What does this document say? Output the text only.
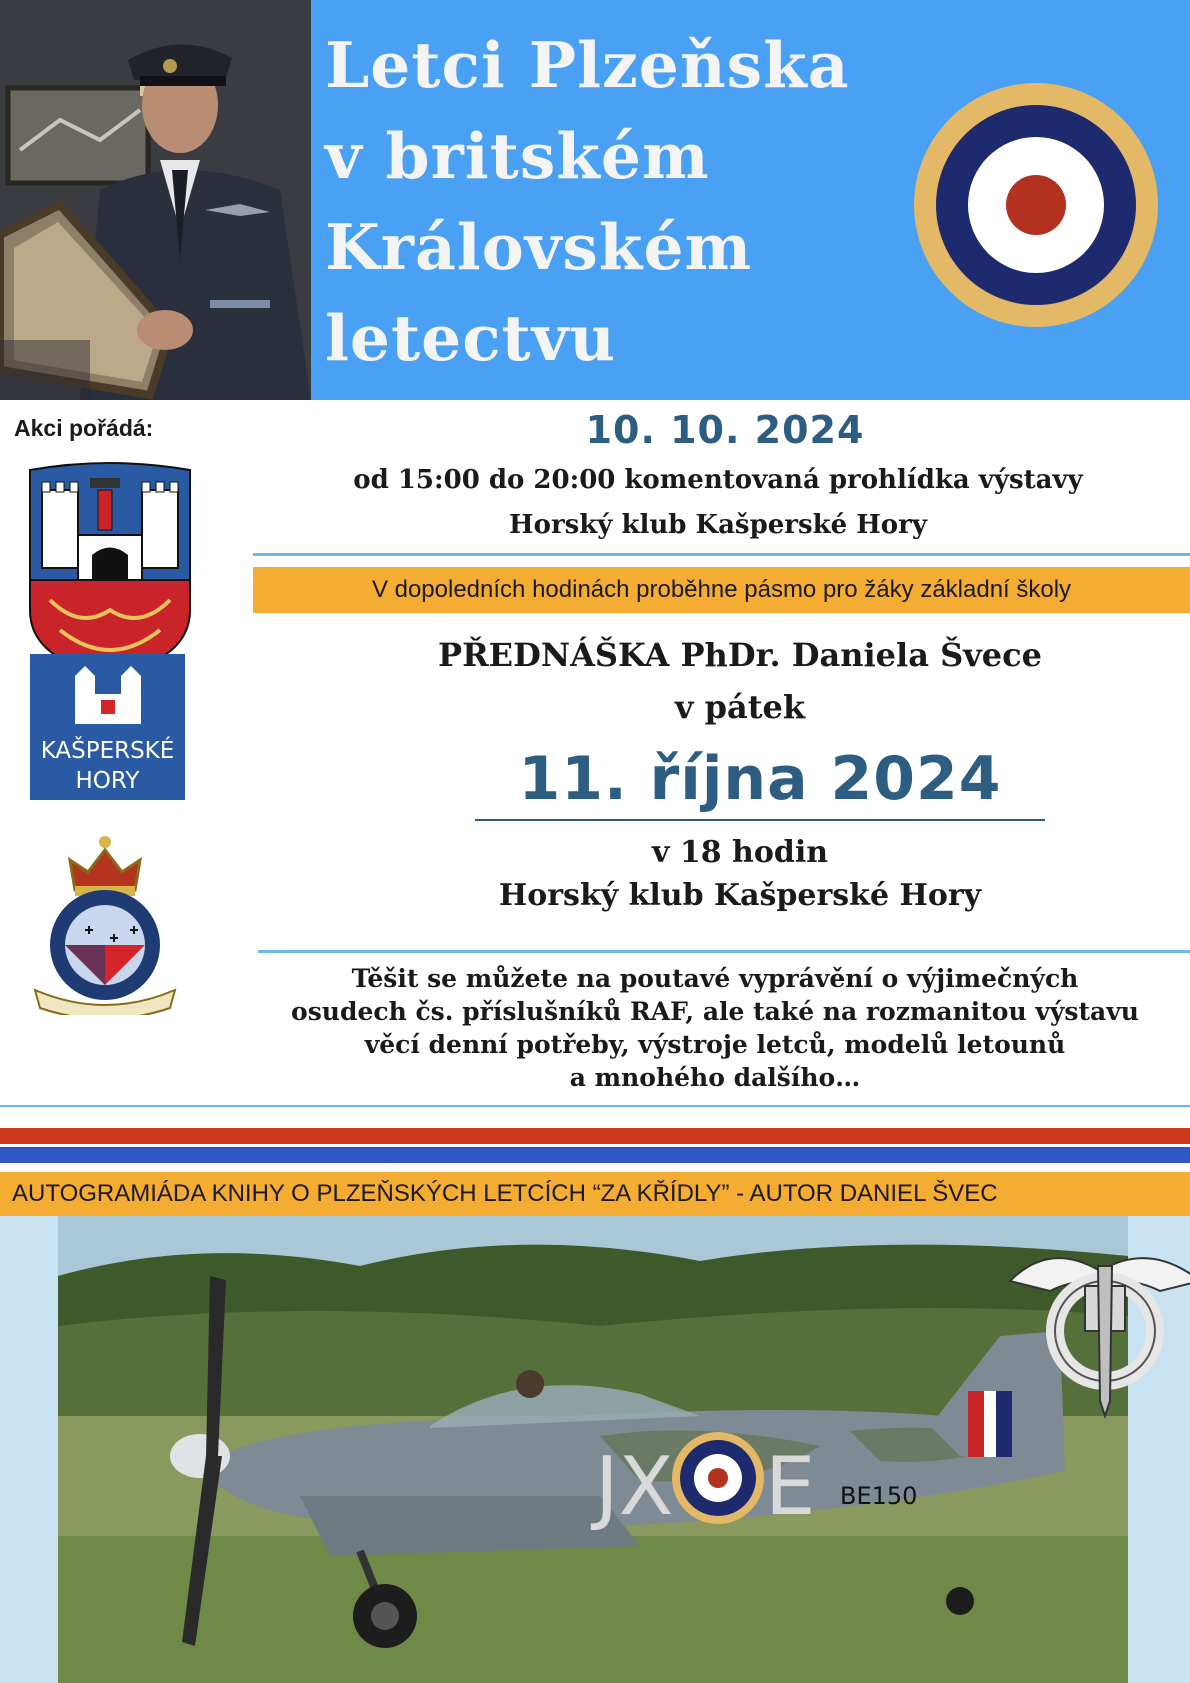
Letci Plzeňska
v britském
Královském
letectvu
Akci pořádá:
KAŠPERSKÉ
HORY
10. 10. 2024
od 15:00 do 20:00 komentovaná prohlídka výstavy
Horský klub Kašperské Hory
V dopoledních hodinách proběhne pásmo pro žáky základní školy
PŘEDNÁŠKA PhDr. Daniela Švece
v pátek
11. října 2024
v 18 hodin
Horský klub Kašperské Hory
Těšit se můžete na poutavé vyprávění o výjimečných
osudech čs. příslušníků RAF, ale také na rozmanitou výstavu
věcí denní potřeby, výstroje letců, modelů letounů
a mnohého dalšího…
AUTOGRAMIÁDA KNIHY O PLZEŇSKÝCH LETCÍCH “ZA KŘÍDLY” - AUTOR DANIEL ŠVEC
JX E BE150
